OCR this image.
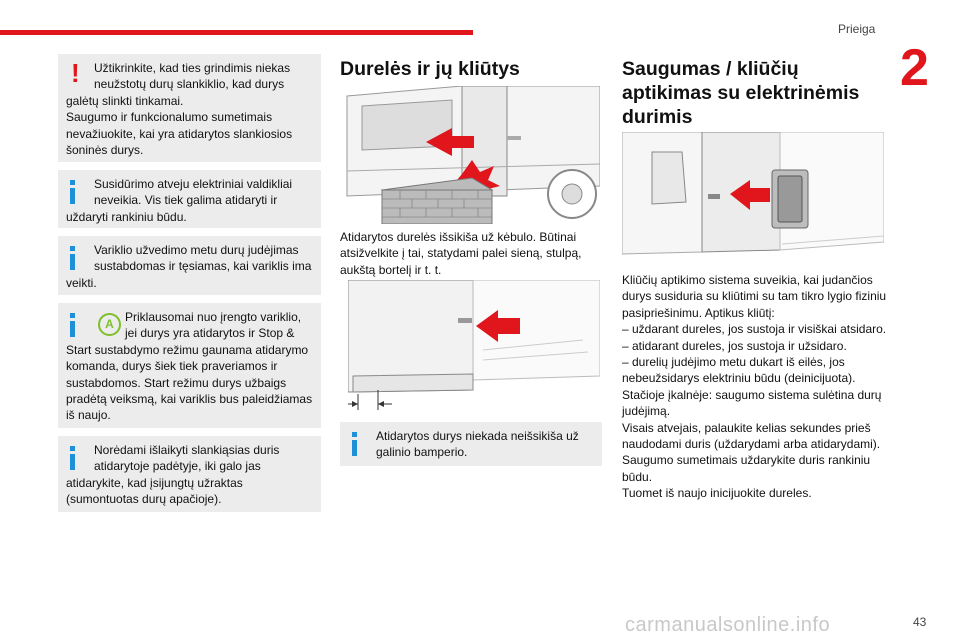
Prieiga
2
!	Užtikrinkite, kad ties grindimis niekas neužstotų durų slankiklio, kad durys

galėtų slinkti tinkamai.

Saugumo ir funkcionalumo sumetimais nevažiuokite, kai yra atidarytos slankiosios šoninės durys.

Susidūrimo atveju elektriniai valdikliai neveikia. Vis tiek galima atidaryti ir

uždaryti rankiniu būdu.

Variklio užvedimo metu durų judėjimas sustabdomas ir tęsiamas, kai variklis ima

veikti.

A Priklausomai nuo įrengto variklio, jei durys yra atidarytos ir Stop &

Start sustabdymo režimu gaunama atidarymo komanda, durys šiek tiek praveriamos ir sustabdomos. Start režimu durys užbaigs pradėtą veiksmą, kai variklis bus paleidžiamas iš naujo.

Norėdami išlaikyti slankiąsias duris atidarytoje padėtyje, iki galo jas

atidarykite, kad įsijungtų užraktas (sumontuotas durų apačioje).

Durelės ir jų kliūtys
Atidarytos durelės išsikiša už kėbulo. Būtinai atsižvelkite į tai, statydami palei sieną, stulpą, aukštą bortelį ir t. t.

Atidarytos durys niekada neišsikiša už

galinio bamperio.

Saugumas / kliūčių
aptikimas su elektrinėmis
durimis

Kliūčių aptikimo sistema suveikia, kai judančios durys susiduria su kliūtimi su tam tikro lygio fiziniu pasipriešinimu. Aptikus kliūtį:

– uždarant dureles, jos sustoja ir visiškai atsidaro.

– atidarant dureles, jos sustoja ir užsidaro.

– durelių judėjimo metu dukart iš eilės, jos nebeužsidarys elektriniu būdu (deinicijuota).

Stačioje įkalnėje: saugumo sistema sulėtina durų judėjimą.

Visais atvejais, palaukite kelias sekundes prieš naudodami duris (uždarydami arba atidarydami).

Saugumo sumetimais uždarykite duris rankiniu būdu.

Tuomet iš naujo inicijuokite dureles.

carmanualsonline.info	43
